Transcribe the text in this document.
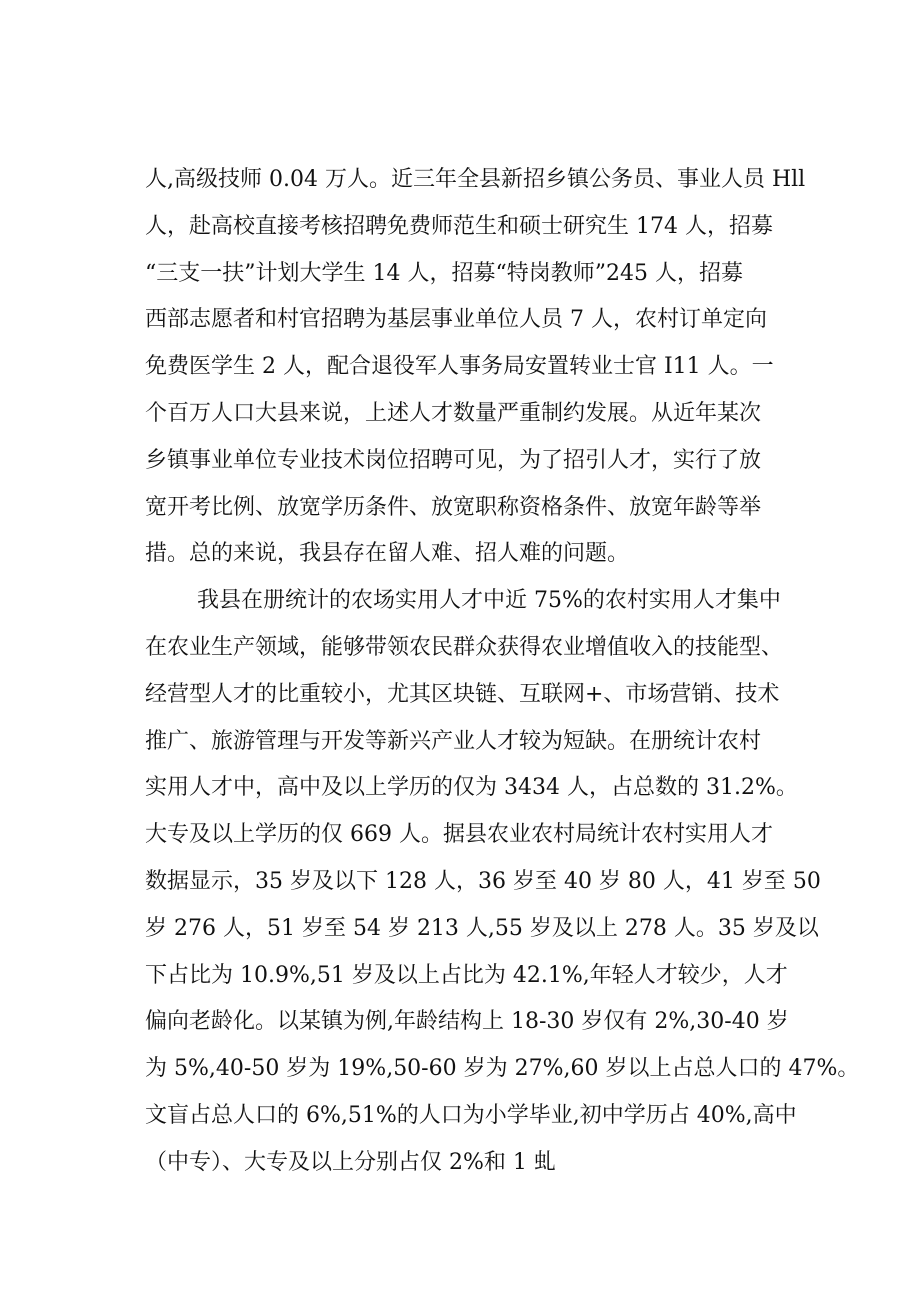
人,高级技师 0.04 万人。近三年全县新招乡镇公务员、事业人员 Hll
人，赴高校直接考核招聘免费师范生和硕士研究生 174 人，招募
“三支一扶”计划大学生 14 人，招募“特岗教师”245 人，招募
西部志愿者和村官招聘为基层事业单位人员 7 人，农村订单定向
免费医学生 2 人，配合退役军人事务局安置转业士官 I11 人。一
个百万人口大县来说，上述人才数量严重制约发展。从近年某次
乡镇事业单位专业技术岗位招聘可见，为了招引人才，实行了放
宽开考比例、放宽学历条件、放宽职称资格条件、放宽年龄等举
措。总的来说，我县存在留人难、招人难的问题。
我县在册统计的农场实用人才中近 75%的农村实用人才集中
在农业生产领域，能够带领农民群众获得农业增值收入的技能型、
经营型人才的比重较小，尤其区块链、互联网+、市场营销、技术
推广、旅游管理与开发等新兴产业人才较为短缺。在册统计农村
实用人才中，高中及以上学历的仅为 3434 人，占总数的 31.2%。
大专及以上学历的仅 669 人。据县农业农村局统计农村实用人才
数据显示，35 岁及以下 128 人，36 岁至 40 岁 80 人，41 岁至 50
岁 276 人，51 岁至 54 岁 213 人,55 岁及以上 278 人。35 岁及以
下占比为 10.9%,51 岁及以上占比为 42.1%,年轻人才较少，人才
偏向老龄化。以某镇为例,年龄结构上 18-30 岁仅有 2%,30-40 岁
为 5%,40-50 岁为 19%,50-60 岁为 27%,60 岁以上占总人口的 47%。
文盲占总人口的 6%,51%的人口为小学毕业,初中学历占 40%,高中
（中专）、大专及以上分别占仅 2%和 1 虬
